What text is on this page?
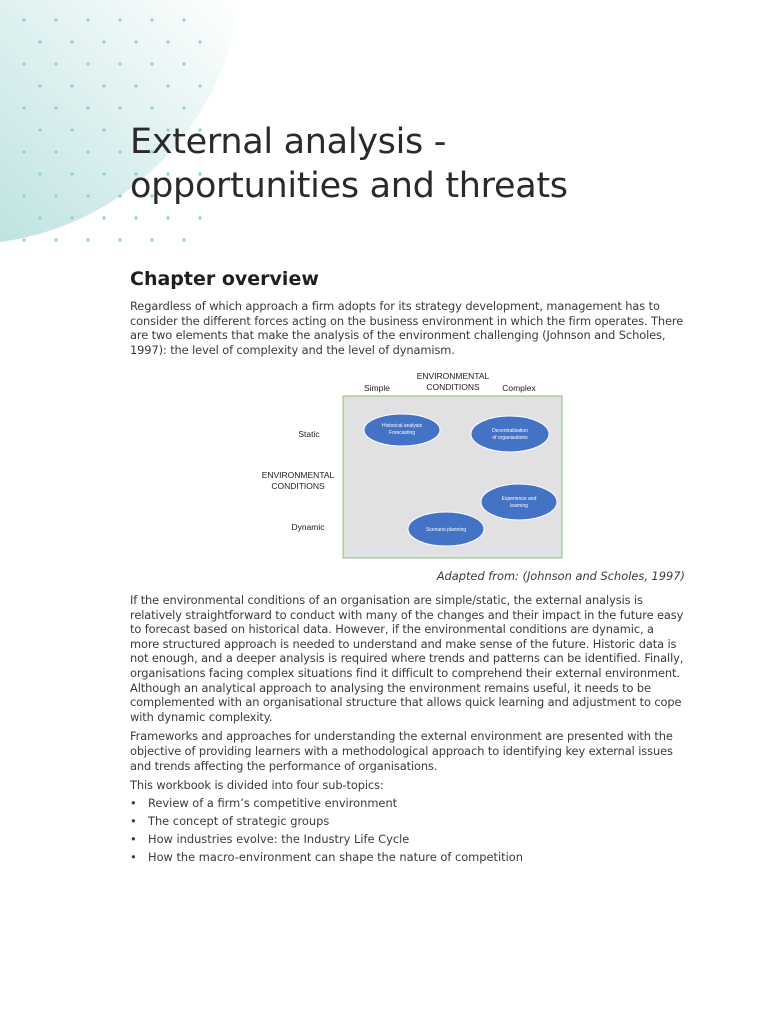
External analysis -
opportunities and threats
Chapter overview

Regardless of which approach a firm adopts for its strategy development, management has to consider the different forces acting on the business environment in which the firm operates. There are two elements that make the analysis of the environment challenging (Johnson and Scholes, 1997): the level of complexity and the level of dynamism.

ENVIRONMENTAL
CONDITIONS
Simple	Complex
Static
ENVIRONMENTAL
CONDITIONS
Dynamic
Historical analysis
Forecasting	Decentralisation
of organisations
Experience and
learning
Scenario planning
Adapted from: (Johnson and Scholes, 1997)

If the environmental conditions of an organisation are simple/static, the external analysis is relatively straightforward to conduct with many of the changes and their impact in the future easy to forecast based on historical data. However, if the environmental conditions are dynamic, a more structured approach is needed to understand and make sense of the future. Historic data is not enough, and a deeper analysis is required where trends and patterns can be identified. Finally, organisations facing complex situations find it difficult to comprehend their external environment. Although an analytical approach to analysing the environment remains useful, it needs to be complemented with an organisational structure that allows quick learning and adjustment to cope with dynamic complexity.

Frameworks and approaches for understanding the external environment are presented with the objective of providing learners with a methodological approach to identifying key external issues and trends affecting the performance of organisations.

This workbook is divided into four sub-topics:

• Review of a firm’s competitive environment
• The concept of strategic groups
• How industries evolve: the Industry Life Cycle
• How the macro-environment can shape the nature of competition
